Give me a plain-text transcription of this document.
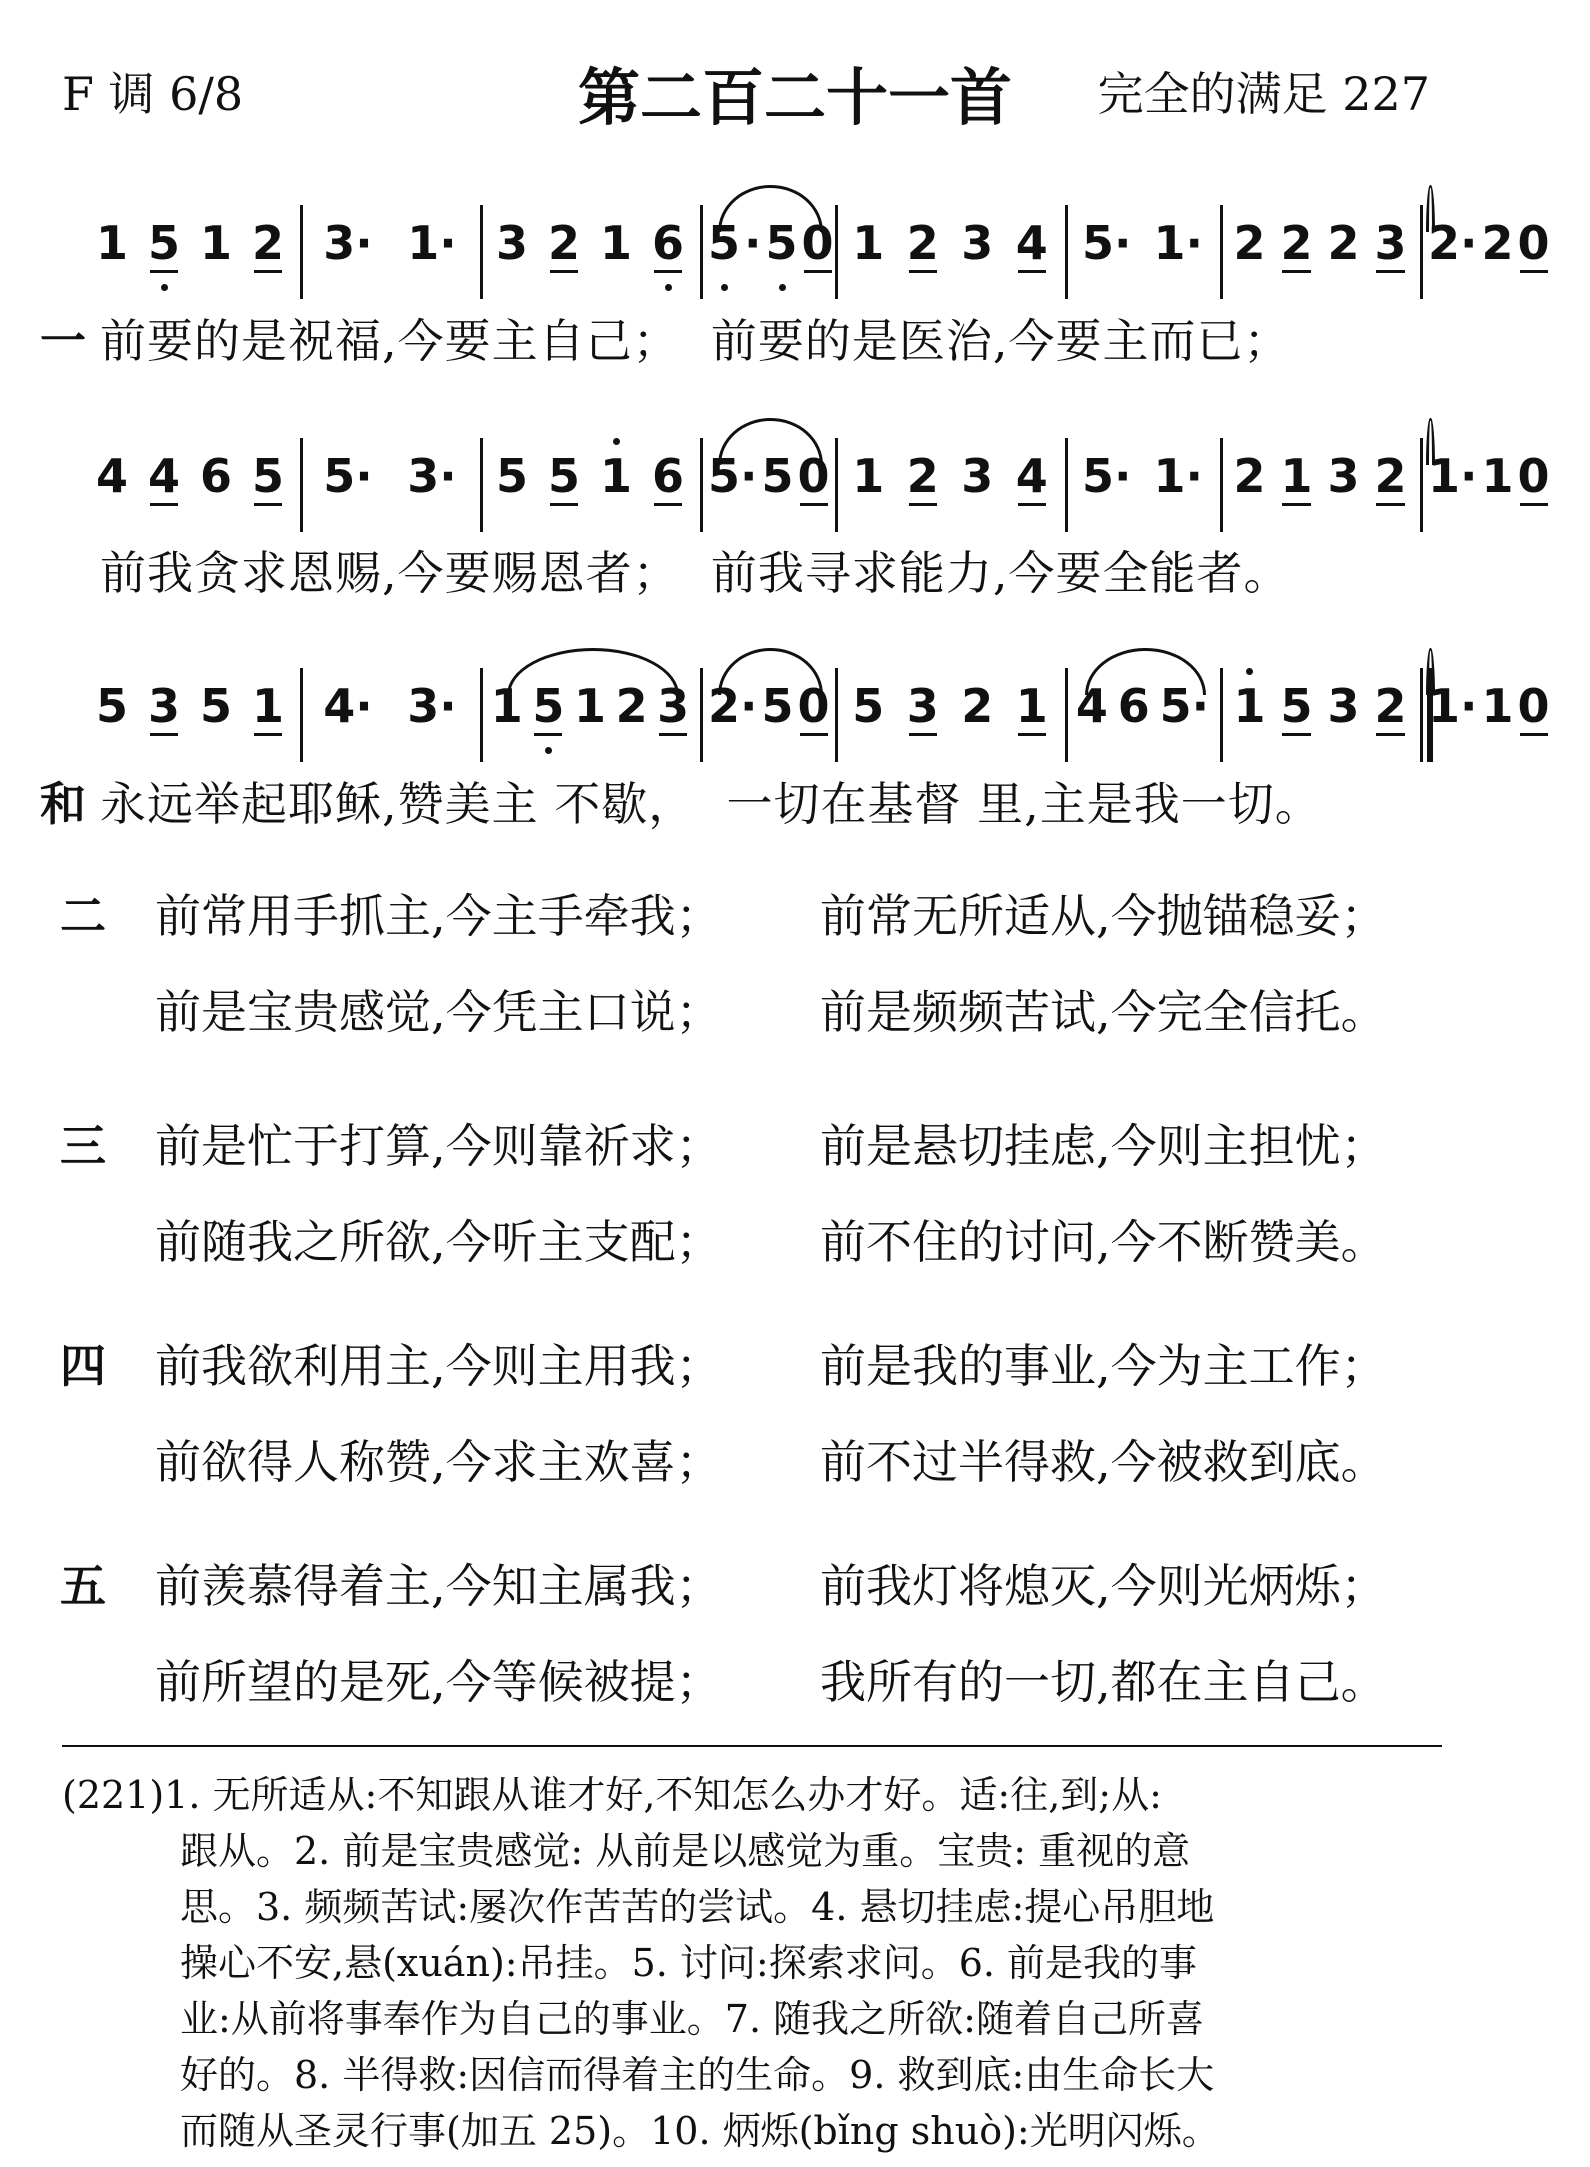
F 调 6/8	第二百二十一首	完全的满足 227
1 5 1 2 3· 1· 3 2 1 6 5 · 5 0 1 2 3 4 5· 1· 2 2 2 3 2· 2 0
一 前要的是祝福,今要主自己；  前要的是医治,今要主而已；
4 4 6 5 5· 3· 5 5 1 6 5· 5 0 1 2 3 4 5· 1· 2 1 3 2 1· 1 0
前我贪求恩赐,今要赐恩者；  前我寻求能力,今要全能者。
5 3 5 1 4· 3· 1 5 1 2 3 2· 5 0 5 3 2 1 4 6 5· 1 5 3 2 1· 1 0
和 永远举起耶稣,赞美主 不歇，  一切在基督 里,主是我一切。
二 前常用手抓主,今主手牵我； 前常无所适从,今抛锚稳妥；
前是宝贵感觉,今凭主口说； 前是频频苦试,今完全信托。
三 前是忙于打算,今则靠祈求； 前是悬切挂虑,今则主担忧；
前随我之所欲,今听主支配； 前不住的讨问,今不断赞美。
四 前我欲利用主,今则主用我； 前是我的事业,今为主工作；
前欲得人称赞,今求主欢喜； 前不过半得救,今被救到底。
五 前羡慕得着主,今知主属我； 前我灯将熄灭,今则光炳烁；
前所望的是死,今等候被提； 我所有的一切,都在主自己。
(221)1. 无所适从:不知跟从谁才好,不知怎么办才好。适:往,到;从:
跟从。2. 前是宝贵感觉: 从前是以感觉为重。宝贵: 重视的意
思。3. 频频苦试:屡次作苦苦的尝试。4. 悬切挂虑:提心吊胆地
操心不安,悬(xuán):吊挂。5. 讨问:探索求问。6. 前是我的事
业:从前将事奉作为自己的事业。7. 随我之所欲:随着自己所喜
好的。8. 半得救:因信而得着主的生命。9. 救到底:由生命长大
而随从圣灵行事(加五 25)。10. 炳烁(bǐng shuò):光明闪烁。
